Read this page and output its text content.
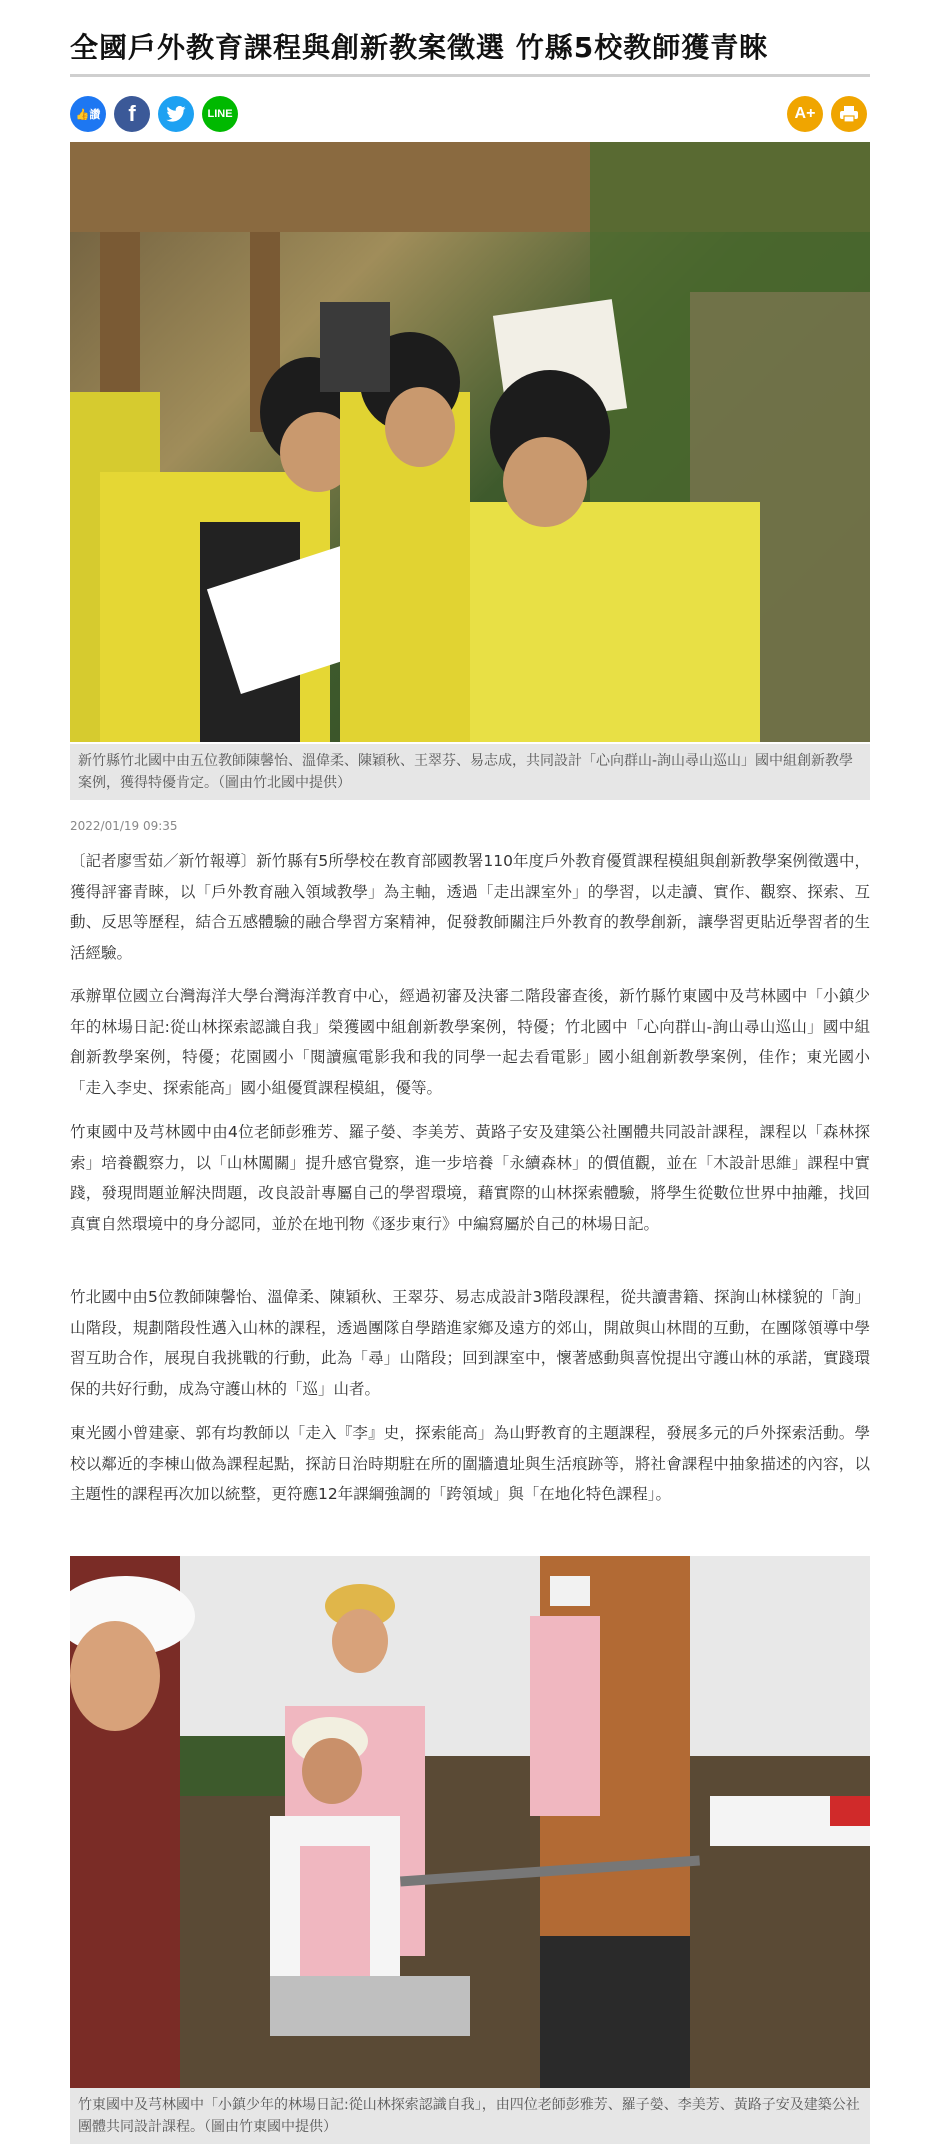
全國戶外教育課程與創新教案徵選 竹縣5校教師獲青睞
👍 讚 f	LINE	A+
新竹縣竹北國中由五位教師陳馨怡、溫偉柔、陳穎秋、王翠芬、易志成，共同設計「心向群山-詢山尋山巡山」國中組創新教學案例，獲得特優肯定。（圖由竹北國中提供）
2022/01/19 09:35
〔記者廖雪茹／新竹報導〕新竹縣有5所學校在教育部國教署110年度戶外教育優質課程模組與創新教學案例徵選中，獲得評審青睞，以「戶外教育融入領域教學」為主軸，透過「走出課室外」的學習，以走讀、實作、觀察、探索、互動、反思等歷程，結合五感體驗的融合學習方案精神，促發教師關注戶外教育的教學創新，讓學習更貼近學習者的生活經驗。
承辦單位國立台灣海洋大學台灣海洋教育中心，經過初審及決審二階段審查後，新竹縣竹東國中及芎林國中「小鎮少年的林場日記:從山林探索認識自我」榮獲國中組創新教學案例，特優；竹北國中「心向群山-詢山尋山巡山」國中組創新教學案例，特優；花園國小「閱讀瘋電影我和我的同學一起去看電影」國小組創新教學案例，佳作；東光國小「走入李史、探索能高」國小組優質課程模組，優等。
竹東國中及芎林國中由4位老師彭雅芳、羅子嫈、李美芳、黃路子安及建築公社團體共同設計課程，課程以「森林探索」培養觀察力，以「山林闖關」提升感官覺察，進一步培養「永續森林」的價值觀，並在「木設計思維」課程中實踐，發現問題並解決問題，改良設計專屬自己的學習環境，藉實際的山林探索體驗，將學生從數位世界中抽離，找回真實自然環境中的身分認同，並於在地刊物《逐步東行》中編寫屬於自己的林場日記。
竹北國中由5位教師陳馨怡、溫偉柔、陳穎秋、王翠芬、易志成設計3階段課程，從共讀書籍、探詢山林樣貌的「詢」山階段，規劃階段性邁入山林的課程，透過團隊自學踏進家鄉及遠方的郊山，開啟與山林間的互動，在團隊領導中學習互助合作，展現自我挑戰的行動，此為「尋」山階段；回到課室中，懷著感動與喜悅提出守護山林的承諾，實踐環保的共好行動，成為守護山林的「巡」山者。
東光國小曾建豪、郭有均教師以「走入『李』史，探索能高」為山野教育的主題課程，發展多元的戶外探索活動。學校以鄰近的李棟山做為課程起點，探訪日治時期駐在所的圍牆遺址與生活痕跡等，將社會課程中抽象描述的內容，以主題性的課程再次加以統整，更符應12年課綱強調的「跨領域」與「在地化特色課程」。
竹東國中及芎林國中「小鎮少年的林場日記:從山林探索認識自我」，由四位老師彭雅芳、羅子嫈、李美芳、黃路子安及建築公社團體共同設計課程。（圖由竹東國中提供）
